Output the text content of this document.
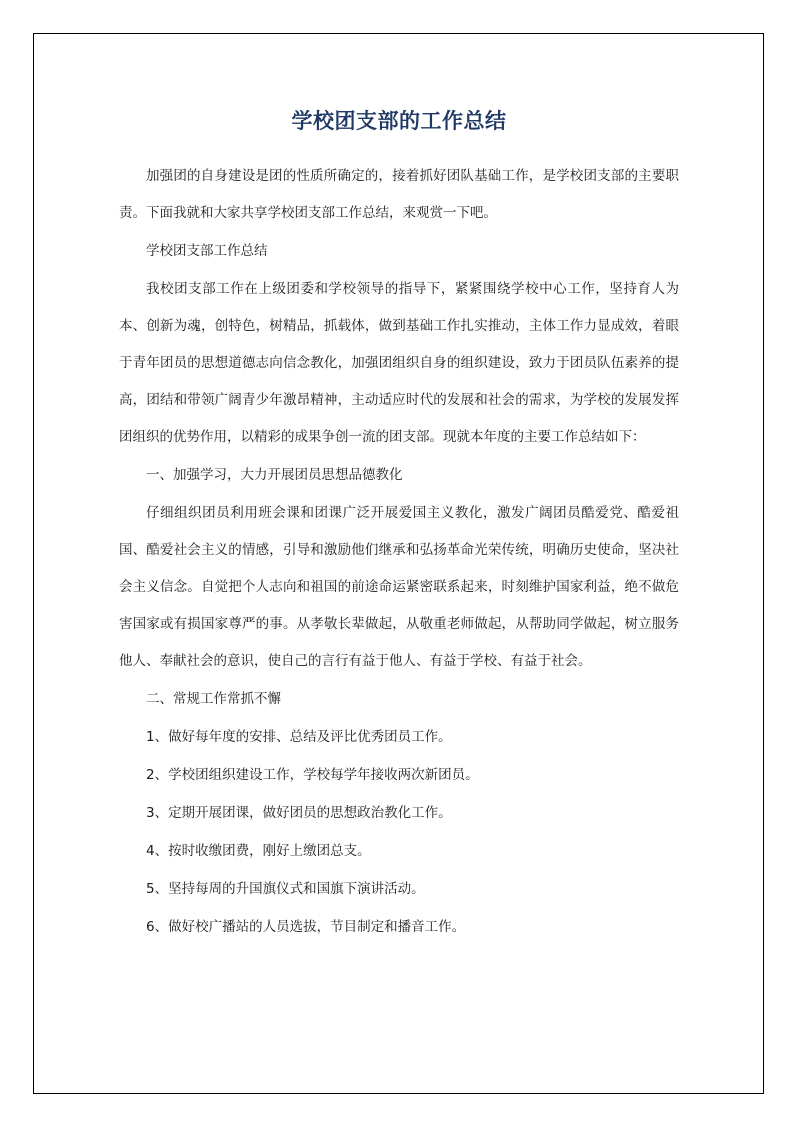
学校团支部的工作总结

加强团的自身建设是团的性质所确定的，接着抓好团队基础工作，是学校团支部的主要职责。下面我就和大家共享学校团支部工作总结，来观赏一下吧。

学校团支部工作总结

我校团支部工作在上级团委和学校领导的指导下，紧紧围绕学校中心工作，坚持育人为本、创新为魂，创特色，树精品，抓载体，做到基础工作扎实推动，主体工作力显成效，着眼于青年团员的思想道德志向信念教化，加强团组织自身的组织建设，致力于团员队伍素养的提高，团结和带领广阔青少年激昂精神，主动适应时代的发展和社会的需求，为学校的发展发挥团组织的优势作用，以精彩的成果争创一流的团支部。现就本年度的主要工作总结如下：

一、加强学习，大力开展团员思想品德教化

仔细组织团员利用班会课和团课广泛开展爱国主义教化，激发广阔团员酷爱党、酷爱祖国、酷爱社会主义的情感，引导和激励他们继承和弘扬革命光荣传统，明确历史使命，坚决社会主义信念。自觉把个人志向和祖国的前途命运紧密联系起来，时刻维护国家利益，绝不做危害国家或有损国家尊严的事。从孝敬长辈做起，从敬重老师做起，从帮助同学做起，树立服务他人、奉献社会的意识，使自己的言行有益于他人、有益于学校、有益于社会。

二、常规工作常抓不懈

1、做好每年度的安排、总结及评比优秀团员工作。

2、学校团组织建设工作，学校每学年接收两次新团员。

3、定期开展团课，做好团员的思想政治教化工作。

4、按时收缴团费，刚好上缴团总支。

5、坚持每周的升国旗仪式和国旗下演讲活动。

6、做好校广播站的人员选拔，节目制定和播音工作。
